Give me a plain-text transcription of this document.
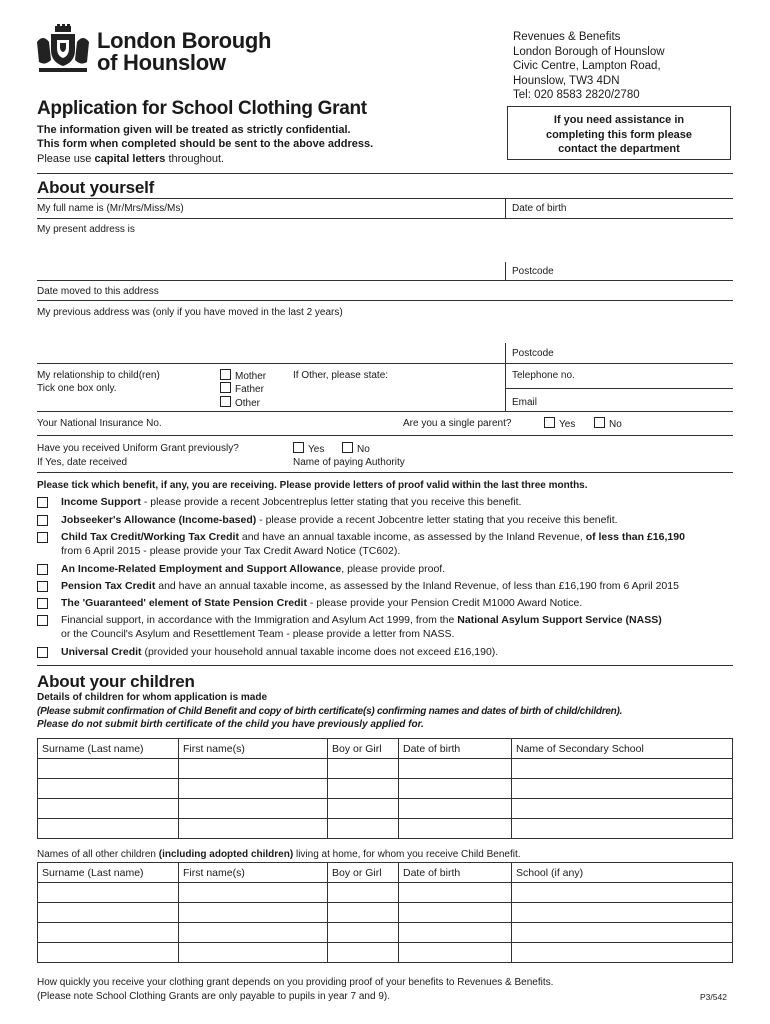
London Borough
of Hounslow
Revenues & Benefits
London Borough of Hounslow
Civic Centre, Lampton Road,
Hounslow, TW3 4DN
Tel: 020 8583 2820/2780
If you need assistance in
completing this form please
contact the department
Application for School Clothing Grant
The information given will be treated as strictly confidential.
This form when completed should be sent to the above address.
Please use capital letters throughout.
About yourself
My full name is (Mr/Mrs/Miss/Ms)	Date of birth
My present address is
Postcode
Date moved to this address
My previous address was (only if you have moved in the last 2 years)
Postcode
My relationship to child(ren)
Tick one box only.
Mother
Father
Other
If Other, please state:	Telephone no.
Email
Your National Insurance No.	Are you a single parent?	Yes	No
Have you received Uniform Grant previously?	Yes	No
If Yes, date received	Name of paying Authority
Please tick which benefit, if any, you are receiving. Please provide letters of proof valid within the last three months.
Income Support - please provide a recent Jobcentreplus letter stating that you receive this benefit.
Jobseeker's Allowance (Income-based) - please provide a recent Jobcentre letter stating that you receive this benefit.
Child Tax Credit/Working Tax Credit and have an annual taxable income, as assessed by the Inland Revenue, of less than £16,190
from 6 April 2015 - please provide your Tax Credit Award Notice (TC602).
An Income-Related Employment and Support Allowance, please provide proof.
Pension Tax Credit and have an annual taxable income, as assessed by the Inland Revenue, of less than £16,190 from 6 April 2015
The 'Guaranteed' element of State Pension Credit - please provide your Pension Credit M1000 Award Notice.
Financial support, in accordance with the Immigration and Asylum Act 1999, from the National Asylum Support Service (NASS)
or the Council's Asylum and Resettlement Team - please provide a letter from NASS.
Universal Credit (provided your household annual taxable income does not exceed £16,190).
About your children
Details of children for whom application is made
(Please submit confirmation of Child Benefit and copy of birth certificate(s) confirming names and dates of birth of child/children).
Please do not submit birth certificate of the child you have previously applied for.
Surname (Last name)	First name(s)	Boy or Girl	Date of birth	Name of Secondary School

Names of all other children (including adopted children) living at home, for whom you receive Child Benefit.
Surname (Last name)	First name(s)	Boy or Girl	Date of birth	School (if any)

How quickly you receive your clothing grant depends on you providing proof of your benefits to Revenues & Benefits.
(Please note School Clothing Grants are only payable to pupils in year 7 and 9).	P3/542
